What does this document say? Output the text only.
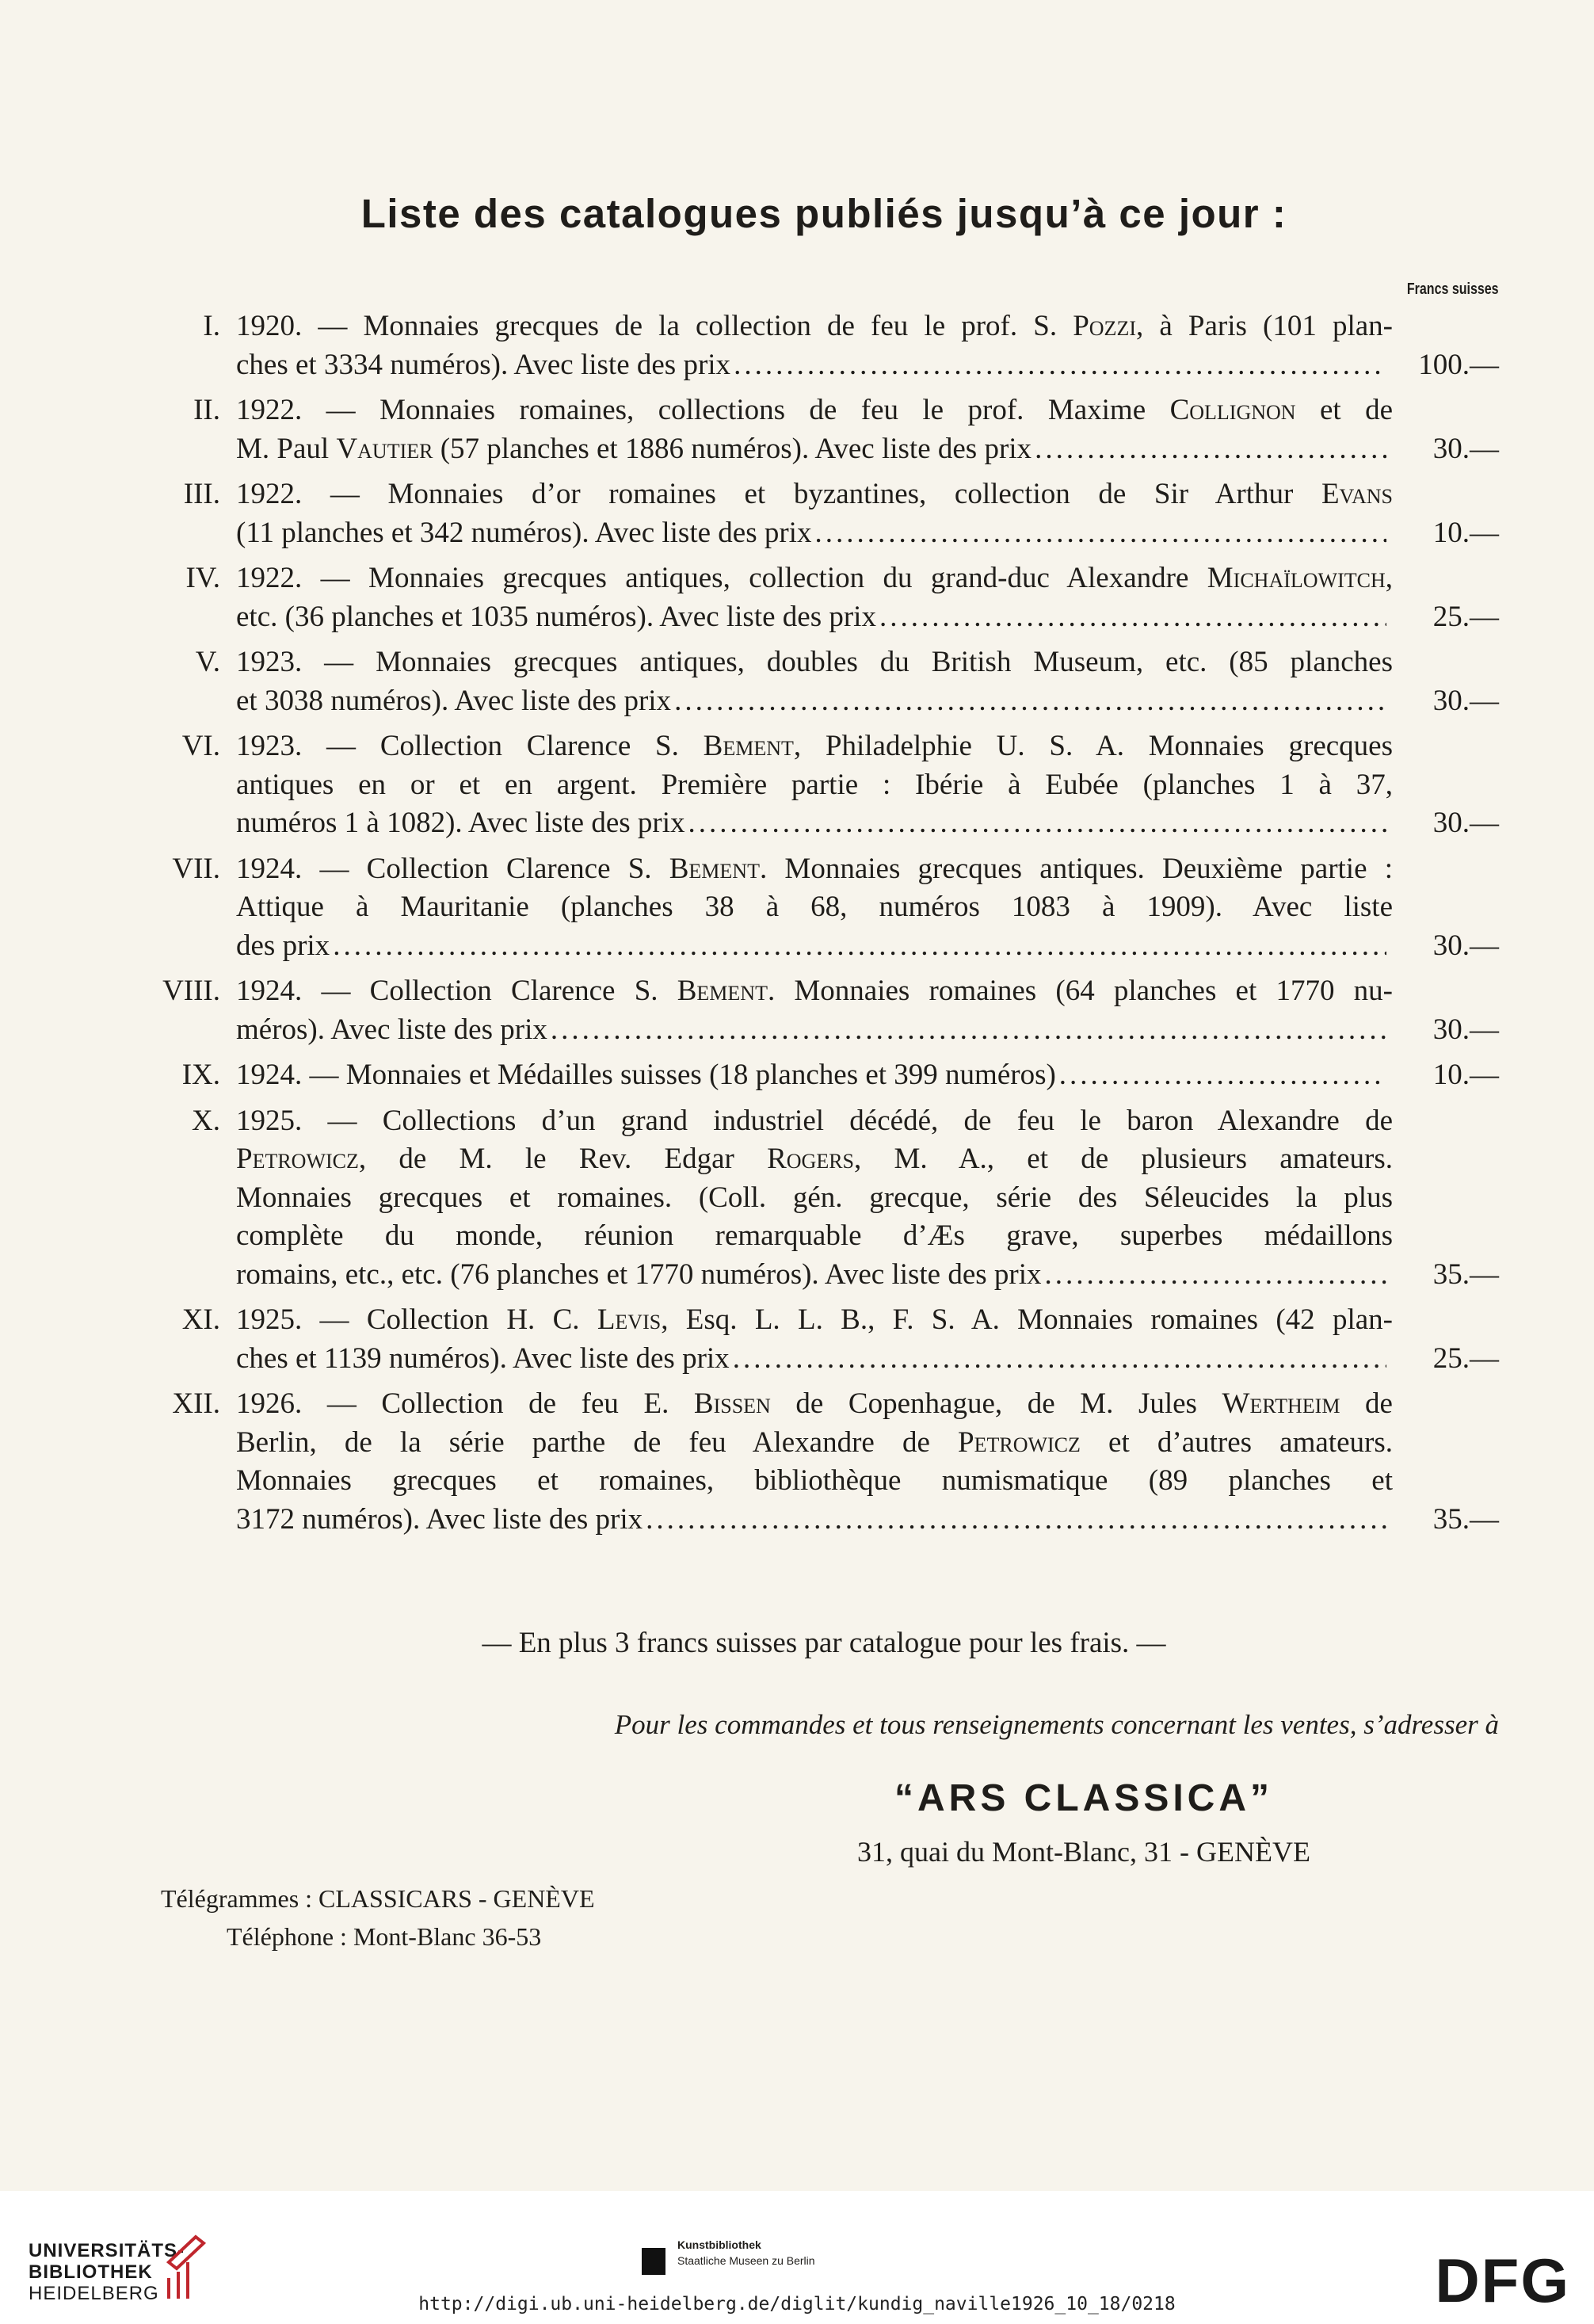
Liste des catalogues publiés jusqu’à ce jour :
Francs suisses
I. 1920. — Monnaies grecques de la collection de feu le prof. S. Pozzi, à Paris (101 plan-
ches et 3334 numéros). Avec liste des prix .....	100.—
II. 1922. — Monnaies romaines, collections de feu le prof. Maxime Collignon et de
M. Paul Vautier (57 planches et 1886 numéros). Avec liste des prix .....	30.—
III. 1922. — Monnaies d’or romaines et byzantines, collection de Sir Arthur Evans
(11 planches et 342 numéros). Avec liste des prix .....	10.—
IV. 1922. — Monnaies grecques antiques, collection du grand-duc Alexandre Michaïlowitch,
etc. (36 planches et 1035 numéros). Avec liste des prix .....	25.—
V. 1923. — Monnaies grecques antiques, doubles du British Museum, etc. (85 planches
et 3038 numéros). Avec liste des prix .....	30.—
VI. 1923. — Collection Clarence S. Bement, Philadelphie U. S. A. Monnaies grecques
antiques en or et en argent. Première partie : Ibérie à Eubée (planches 1 à 37,
numéros 1 à 1082). Avec liste des prix .....	30.—
VII. 1924. — Collection Clarence S. Bement. Monnaies grecques antiques. Deuxième partie :
Attique à Mauritanie (planches 38 à 68, numéros 1083 à 1909). Avec liste
des prix .....	30.—
VIII. 1924. — Collection Clarence S. Bement. Monnaies romaines (64 planches et 1770 nu-
méros). Avec liste des prix .....	30.—
IX. 1924. — Monnaies et Médailles suisses (18 planches et 399 numéros) .....	10.—
X. 1925. — Collections d’un grand industriel décédé, de feu le baron Alexandre de
Petrowicz, de M. le Rev. Edgar Rogers, M. A., et de plusieurs amateurs.
Monnaies grecques et romaines. (Coll. gén. grecque, série des Séleucides la plus
complète du monde, réunion remarquable d’Æs grave, superbes médaillons
romains, etc., etc. (76 planches et 1770 numéros). Avec liste des prix .....	35.—
XI. 1925. — Collection H. C. Levis, Esq. L. L. B., F. S. A. Monnaies romaines (42 plan-
ches et 1139 numéros). Avec liste des prix .....	25.—
XII. 1926. — Collection de feu E. Bissen de Copenhague, de M. Jules Wertheim de
Berlin, de la série parthe de feu Alexandre de Petrowicz et d’autres amateurs.
Monnaies grecques et romaines, bibliothèque numismatique (89 planches et
3172 numéros). Avec liste des prix .....	35.—
— En plus 3 francs suisses par catalogue pour les frais. —
Pour les commandes et tous renseignements concernant les ventes, s’adresser à
“ARS CLASSICA”
31, quai du Mont-Blanc, 31 - GENÈVE
Télégrammes : CLASSICARS - GENÈVE
Téléphone : Mont-Blanc 36-53
UNIVERSITÄTS-
BIBLIOTHEK
HEIDELBERG
Kunstbibliothek
Staatliche Museen zu Berlin	DFG
http://digi.ub.uni-heidelberg.de/diglit/kundig_naville1926_10_18/0218
